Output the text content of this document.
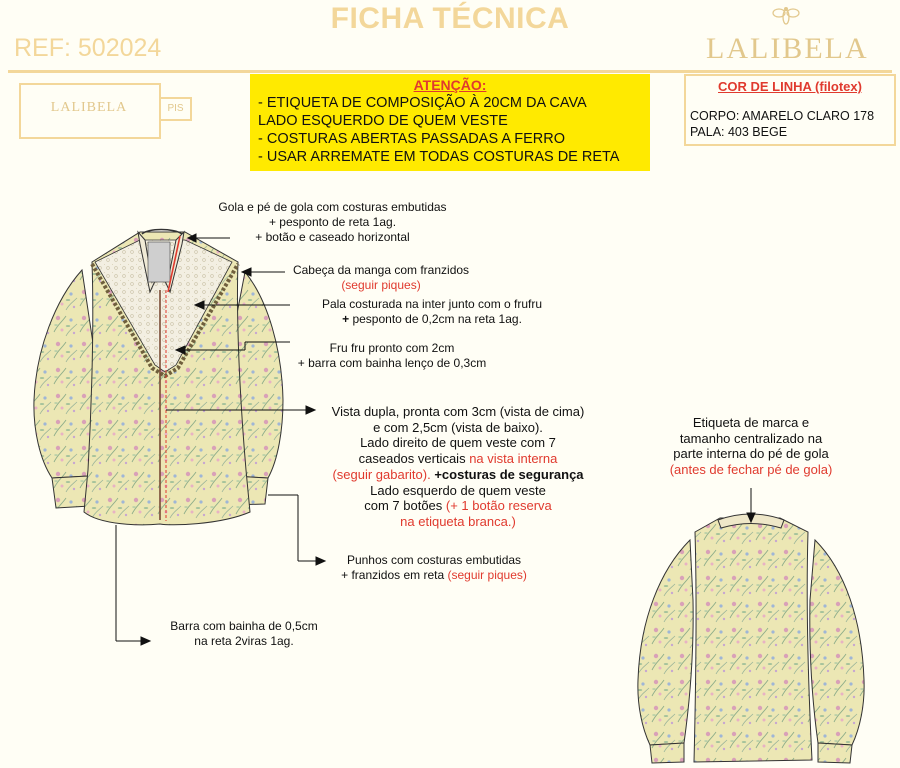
FICHA TÉCNICA
REF: 502024	LALIBELA
LALIBELA	PIS
ATENÇÃO:
- ETIQUETA DE COMPOSIÇÃO À 20CM DA CAVA
LADO ESQUERDO DE QUEM VESTE
- COSTURAS ABERTAS PASSADAS A FERRO
- USAR ARREMATE EM TODAS COSTURAS DE RETA
COR DE LINHA (filotex)
CORPO: AMARELO CLARO 178
PALA: 403 BEGE
Gola e pé de gola com costuras embutidas
+ pesponto de reta 1ag.
+ botão e caseado horizontal
Cabeça da manga com franzidos
(seguir piques)
Pala costurada na inter junto com o frufru
+ pesponto de 0,2cm na reta 1ag.
Fru fru pronto com 2cm
+ barra com bainha lenço de 0,3cm
Vista dupla, pronta com 3cm (vista de cima)
e com 2,5cm (vista de baixo).
Lado direito de quem veste com 7
caseados verticais na vista interna
(seguir gabarito). +costuras de segurança
Lado esquerdo de quem veste
com 7 botões (+ 1 botão reserva
na etiqueta branca.)
Punhos com costuras embutidas
+ franzidos em reta (seguir piques)
Barra com bainha de 0,5cm
na reta 2viras 1ag.
Etiqueta de marca e
tamanho centralizado na
parte interna do pé de gola
(antes de fechar pé de gola)
